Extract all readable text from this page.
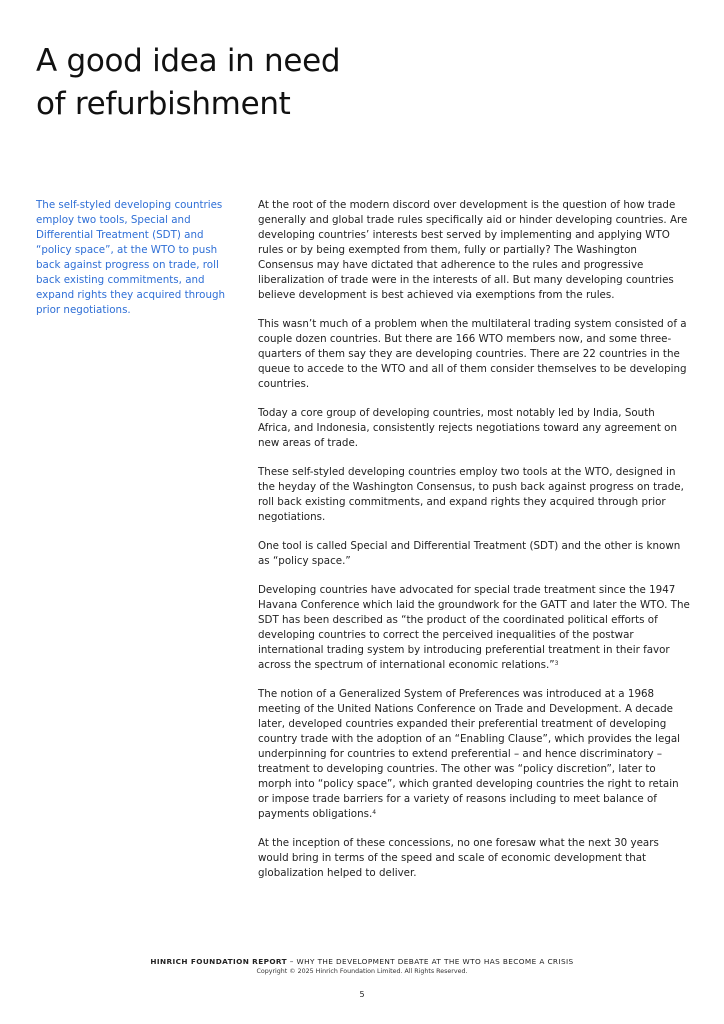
A good idea in need
of refurbishment

The self-styled developing countries employ two tools, Special and Differential Treatment (SDT) and “policy space”, at the WTO to push back against progress on trade, roll back existing commitments, and expand rights they acquired through prior negotiations.

At the root of the modern discord over development is the question of how trade generally and global trade rules specifically aid or hinder developing countries. Are developing countries’ interests best served by implementing and applying WTO rules or by being exempted from them, fully or partially? The Washington Consensus may have dictated that adherence to the rules and progressive liberalization of trade were in the interests of all. But many developing countries believe development is best achieved via exemptions from the rules.

This wasn’t much of a problem when the multilateral trading system consisted of a couple dozen countries. But there are 166 WTO members now, and some three-quarters of them say they are developing countries. There are 22 countries in the queue to accede to the WTO and all of them consider themselves to be developing countries.

Today a core group of developing countries, most notably led by India, South Africa, and Indonesia, consistently rejects negotiations toward any agreement on new areas of trade.

These self-styled developing countries employ two tools at the WTO, designed in the heyday of the Washington Consensus, to push back against progress on trade, roll back existing commitments, and expand rights they acquired through prior negotiations.

One tool is called Special and Differential Treatment (SDT) and the other is known as “policy space.”

Developing countries have advocated for special trade treatment since the 1947 Havana Conference which laid the groundwork for the GATT and later the WTO. The SDT has been described as “the product of the coordinated political efforts of developing countries to correct the perceived inequalities of the postwar international trading system by introducing preferential treatment in their favor across the spectrum of international economic relations.”$^3$

The notion of a Generalized System of Preferences was introduced at a 1968 meeting of the United Nations Conference on Trade and Development. A decade later, developed countries expanded their preferential treatment of developing country trade with the adoption of an “Enabling Clause”, which provides the legal underpinning for countries to extend preferential – and hence discriminatory – treatment to developing countries. The other was “policy discretion”, later to morph into “policy space”, which granted developing countries the right to retain or impose trade barriers for a variety of reasons including to meet balance of payments obligations.$^4$

At the inception of these concessions, no one foresaw what the next 30 years would bring in terms of the speed and scale of economic development that globalization helped to deliver.

HINRICH FOUNDATION REPORT – WHY THE DEVELOPMENT DEBATE AT THE WTO HAS BECOME A CRISIS
Copyright © 2025 Hinrich Foundation Limited. All Rights Reserved.
5
